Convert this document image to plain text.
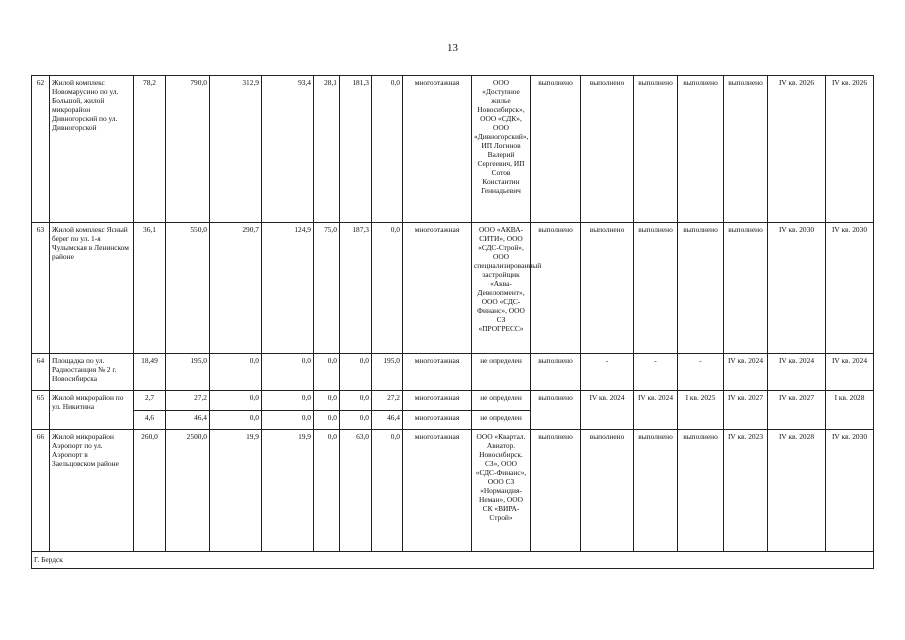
13
62	Жилой комплекс Новомарусино по ул. Большой, жилой микрорайон Дивногорский по ул. Дивногорской	78,2	790,0	312,9	93,4	28,1	181,3	0,0	многоэтажная	ООО «Доступное жилье Новосибирск», ООО «СДК», ООО «Дивногорский», ИП Логинов Валерий Сергеевич, ИП Сотов Константин Геннадьевич	выполнено	выполнено	выполнено	выполнено	выполнено	IV кв. 2026	IV кв. 2026
63	Жилой комплекс Ясный берег по ул. 1-я Чулымская в Ленинском районе	36,1	550,0	290,7	124,9	75,0	187,3	0,0	многоэтажная	ООО «АКВА-СИТИ», ООО «СДС-Строй», ООО специализированный застройщик «Аква-Девелопмент», ООО «СДС-Финанс», ООО СЗ «ПРОГРЕСС»	выполнено	выполнено	выполнено	выполнено	выполнено	IV кв. 2030	IV кв. 2030
64	Площадка по ул. Радиостанция № 2 г. Новосибирска	18,49	195,0	0,0	0,0	0,0	0,0	195,0	многоэтажная	не определен	выполнено	-	-	-	IV кв. 2024	IV кв. 2024	IV кв. 2024
65	Жилой микрорайон по ул. Никитина	2,7	27,2	0,0	0,0	0,0	0,0	27,2	многоэтажная	не определен	выполнено	IV кв. 2024	IV кв. 2024	I кв. 2025	IV кв. 2027	IV кв. 2027	I кв. 2028
		4,6	46,4	0,0	0,0	0,0	0,0	46,4	многоэтажная	не определен							
66	Жилой микрорайон Аэропорт по ул. Аэропорт в Заельцовском районе	260,0	2500,0	19,9	19,9	0,0	63,0	0,0	многоэтажная	ООО «Квартал. Авиатор. Новосибирск. СЗ», ООО «СДС-Финанс», ООО СЗ «Нормандия-Неман», ООО СК «ВИРА-Строй»	выполнено	выполнено	выполнено	выполнено	IV кв. 2023	IV кв. 2028	IV кв. 2030
Г. Бердск																	
